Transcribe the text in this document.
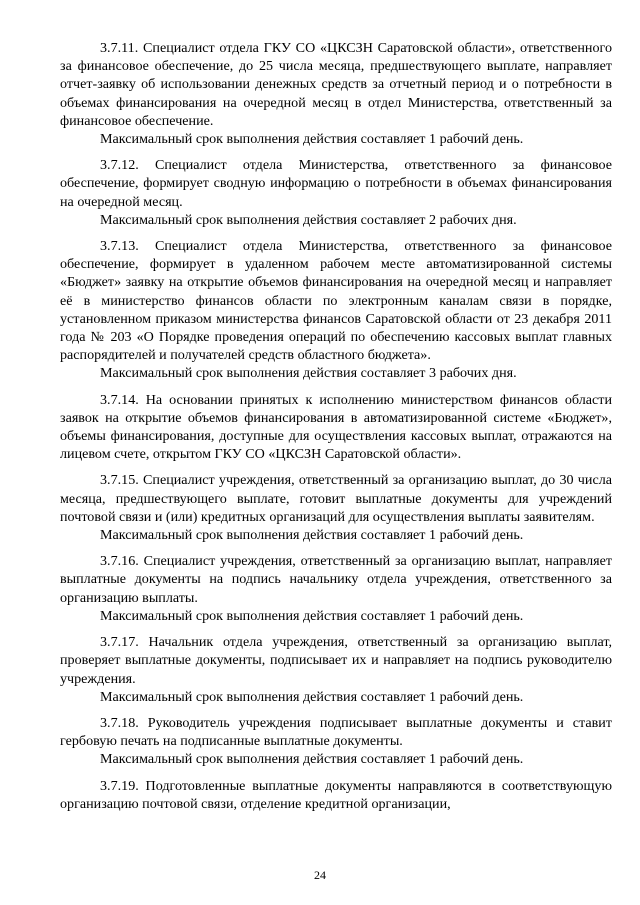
3.7.11. Специалист отдела ГКУ СО «ЦКСЗН Саратовской области», ответственного за финансовое обеспечение, до 25 числа месяца, предшествующего выплате, направляет отчет-заявку об использовании денежных средств за отчетный период и о потребности в объемах финансирования на очередной месяц в отдел Министерства, ответственный за финансовое обеспечение.

Максимальный срок выполнения действия составляет 1 рабочий день.

3.7.12. Специалист отдела Министерства, ответственного за финансовое обеспечение, формирует сводную информацию о потребности в объемах финансирования на очередной месяц.

Максимальный срок выполнения действия составляет 2 рабочих дня.

3.7.13. Специалист отдела Министерства, ответственного за финансовое обеспечение, формирует в удаленном рабочем месте автоматизированной системы «Бюджет» заявку на открытие объемов финансирования на очередной месяц и направляет её в министерство финансов области по электронным каналам связи в порядке, установленном приказом министерства финансов Саратовской области от 23 декабря 2011 года № 203 «О Порядке проведения операций по обеспечению кассовых выплат главных распорядителей и получателей средств областного бюджета».

Максимальный срок выполнения действия составляет 3 рабочих дня.

3.7.14. На основании принятых к исполнению министерством финансов области заявок на открытие объемов финансирования в автоматизированной системе «Бюджет», объемы финансирования, доступные для осуществления кассовых выплат, отражаются на лицевом счете, открытом ГКУ СО «ЦКСЗН Саратовской области».

3.7.15. Специалист учреждения, ответственный за организацию выплат, до 30 числа месяца, предшествующего выплате, готовит выплатные документы для учреждений почтовой связи и (или) кредитных организаций для осуществления выплаты заявителям.

Максимальный срок выполнения действия составляет 1 рабочий день.

3.7.16. Специалист учреждения, ответственный за организацию выплат, направляет выплатные документы на подпись начальнику отдела учреждения, ответственного за организацию выплаты.

Максимальный срок выполнения действия составляет 1 рабочий день.

3.7.17. Начальник отдела учреждения, ответственный за организацию выплат, проверяет выплатные документы, подписывает их и направляет на подпись руководителю учреждения.

Максимальный срок выполнения действия составляет 1 рабочий день.

3.7.18. Руководитель учреждения подписывает выплатные документы и ставит гербовую печать на подписанные выплатные документы.

Максимальный срок выполнения действия составляет 1 рабочий день.

3.7.19. Подготовленные выплатные документы направляются в соответствующую организацию почтовой связи, отделение кредитной организации,

24
